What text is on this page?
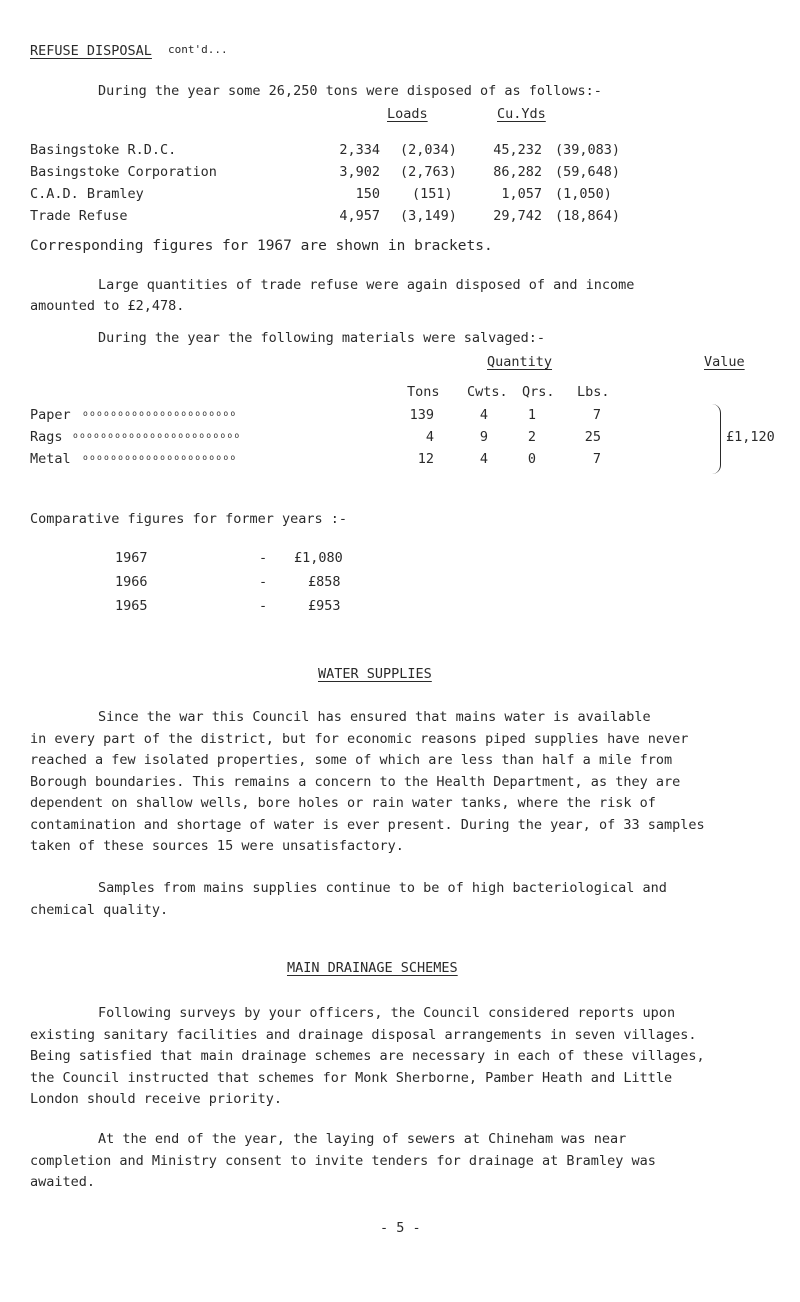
REFUSE DISPOSAL cont'd...
During the year some 26,250 tons were disposed of as follows:-
Loads	Cu.Yds
Basingstoke R.D.C.	2,334 (2,034)	45,232 (39,083)
Basingstoke Corporation	3,902 (2,763)	86,282 (59,648)
C.A.D. Bramley	150 (151)	1,057 (1,050)
Trade Refuse	4,957 (3,149)	29,742 (18,864)
Corresponding figures for 1967 are shown in brackets.
Large quantities of trade refuse were again disposed of and income
amounted to £2,478.
During the year the following materials were salvaged:-
Quantity	Value
Tons Cwts. Qrs. Lbs.
Paper oooooooooooooooooooooo	139	4	1	7
Rags oooooooooooooooooooooooo	4	9	2	25
Metal oooooooooooooooooooooo	12	4	0	7
£1,120
Comparative figures for former years :-
1967	- £1,080
1966	-	£858
1965	-	£953
WATER SUPPLIES
Since the war this Council has ensured that mains water is available
in every part of the district, but for economic reasons piped supplies have never
reached a few isolated properties, some of which are less than half a mile from
Borough boundaries. This remains a concern to the Health Department, as they are
dependent on shallow wells, bore holes or rain water tanks, where the risk of
contamination and shortage of water is ever present. During the year, of 33 samples
taken of these sources 15 were unsatisfactory.
Samples from mains supplies continue to be of high bacteriological and
chemical quality.
MAIN DRAINAGE SCHEMES
Following surveys by your officers, the Council considered reports upon
existing sanitary facilities and drainage disposal arrangements in seven villages.
Being satisfied that main drainage schemes are necessary in each of these villages,
the Council instructed that schemes for Monk Sherborne, Pamber Heath and Little
London should receive priority.
At the end of the year, the laying of sewers at Chineham was near
completion and Ministry consent to invite tenders for drainage at Bramley was
awaited.
- 5 -
